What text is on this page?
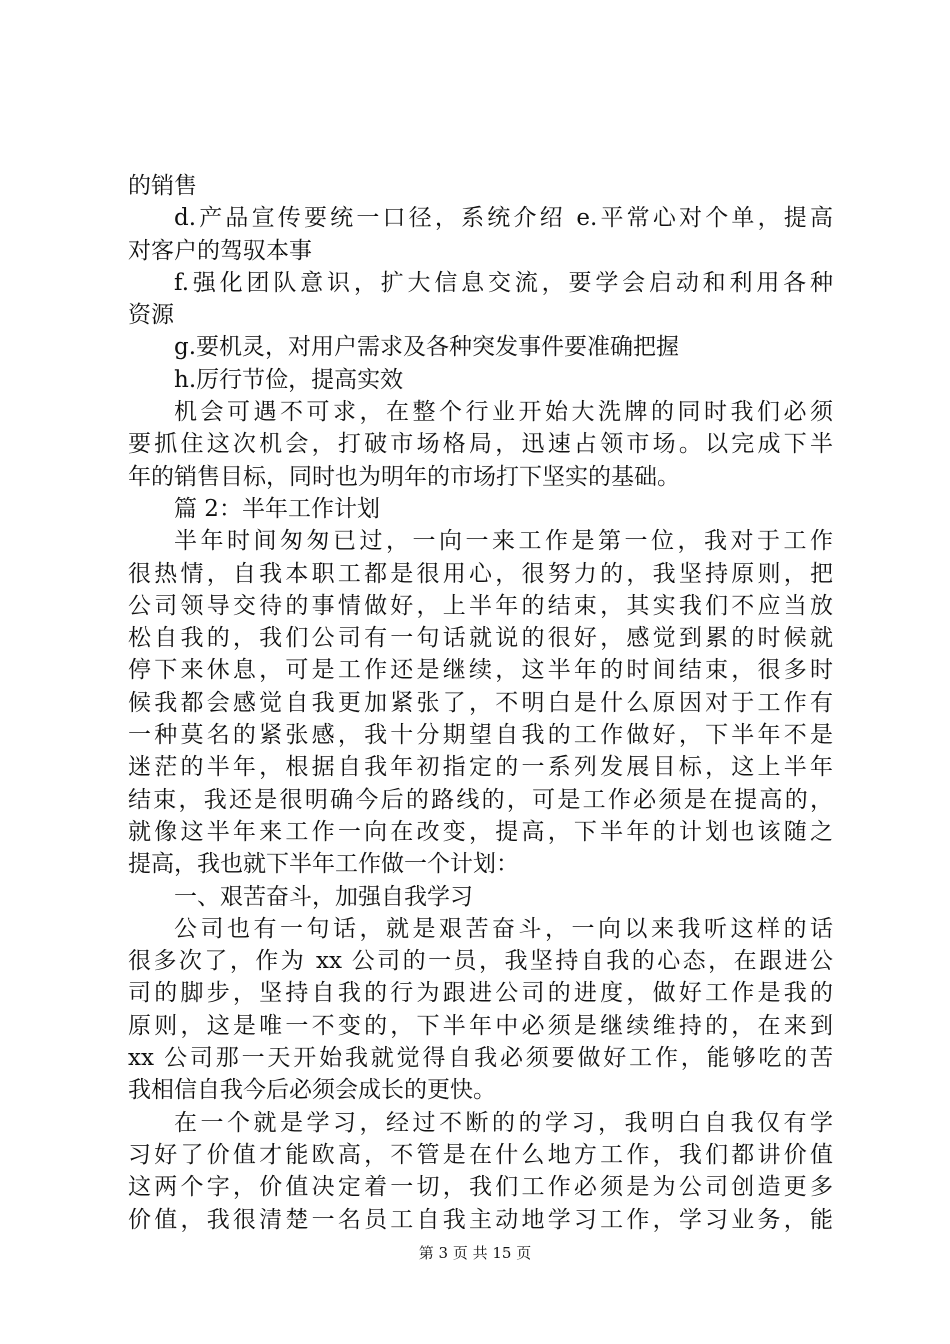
的销售
d.产品宣传要统一口径，系统介绍 e.平常心对个单，提高
对客户的驾驭本事
f.强化团队意识，扩大信息交流，要学会启动和利用各种
资源
g.要机灵，对用户需求及各种突发事件要准确把握
h.厉行节俭，提高实效
机会可遇不可求，在整个行业开始大洗牌的同时我们必须
要抓住这次机会，打破市场格局，迅速占领市场。以完成下半
年的销售目标，同时也为明年的市场打下坚实的基础。
篇 2：半年工作计划
半年时间匆匆已过，一向一来工作是第一位，我对于工作
很热情，自我本职工都是很用心，很努力的，我坚持原则，把
公司领导交待的事情做好，上半年的结束，其实我们不应当放
松自我的，我们公司有一句话就说的很好，感觉到累的时候就
停下来休息，可是工作还是继续，这半年的时间结束，很多时
候我都会感觉自我更加紧张了，不明白是什么原因对于工作有
一种莫名的紧张感，我十分期望自我的工作做好，下半年不是
迷茫的半年，根据自我年初指定的一系列发展目标，这上半年
结束，我还是很明确今后的路线的，可是工作必须是在提高的，
就像这半年来工作一向在改变，提高，下半年的计划也该随之
提高，我也就下半年工作做一个计划：
一、艰苦奋斗，加强自我学习
公司也有一句话，就是艰苦奋斗，一向以来我听这样的话
很多次了，作为 xx 公司的一员，我坚持自我的心态，在跟进公
司的脚步，坚持自我的行为跟进公司的进度，做好工作是我的
原则，这是唯一不变的，下半年中必须是继续维持的，在来到
xx 公司那一天开始我就觉得自我必须要做好工作，能够吃的苦
我相信自我今后必须会成长的更快。
在一个就是学习，经过不断的的学习，我明白自我仅有学
习好了价值才能欧高，不管是在什么地方工作，我们都讲价值
这两个字，价值决定着一切，我们工作必须是为公司创造更多
价值，我很清楚一名员工自我主动地学习工作，学习业务，能
第 3 页 共 15 页
